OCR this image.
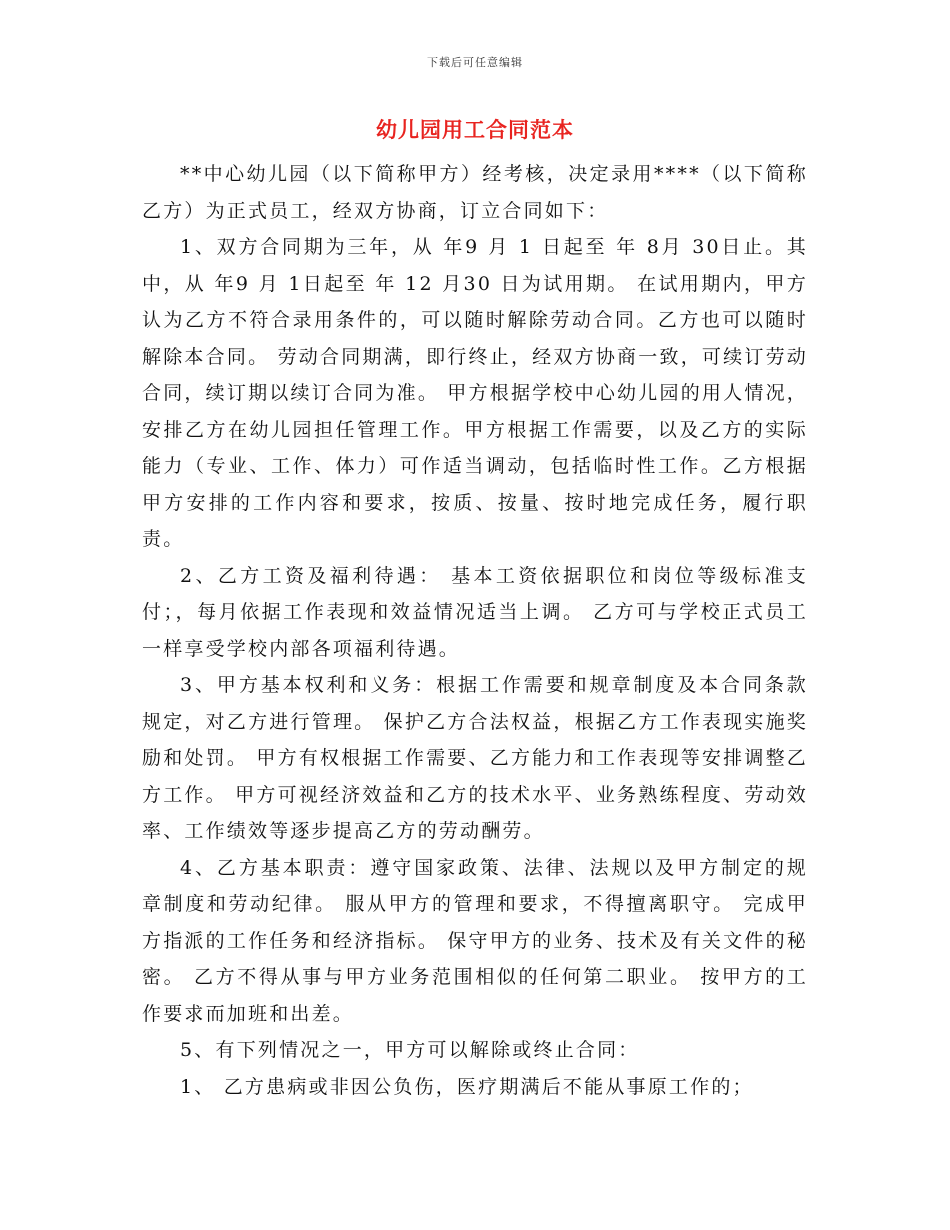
下载后可任意编辑
幼儿园用工合同范本

**中心幼儿园（以下简称甲方）经考核，决定录用****（以下简称乙方）为正式员工，经双方协商，订立合同如下：

1、双方合同期为三年，从 年9 月 1 日起至 年 8月 30日止。其中，从 年9 月 1日起至 年 12 月30 日为试用期。 在试用期内，甲方认为乙方不符合录用条件的，可以随时解除劳动合同。乙方也可以随时解除本合同。 劳动合同期满，即行终止，经双方协商一致，可续订劳动合同，续订期以续订合同为准。 甲方根据学校中心幼儿园的用人情况，安排乙方在幼儿园担任管理工作。甲方根据工作需要，以及乙方的实际能力（专业、工作、体力）可作适当调动，包括临时性工作。乙方根据甲方安排的工作内容和要求，按质、按量、按时地完成任务，履行职责。

2、乙方工资及福利待遇： 基本工资依据职位和岗位等级标准支付；，每月依据工作表现和效益情况适当上调。 乙方可与学校正式员工一样享受学校内部各项福利待遇。

3、甲方基本权利和义务：根据工作需要和规章制度及本合同条款规定，对乙方进行管理。 保护乙方合法权益，根据乙方工作表现实施奖励和处罚。 甲方有权根据工作需要、乙方能力和工作表现等安排调整乙方工作。 甲方可视经济效益和乙方的技术水平、业务熟练程度、劳动效率、工作绩效等逐步提高乙方的劳动酬劳。

4、乙方基本职责：遵守国家政策、法律、法规以及甲方制定的规章制度和劳动纪律。 服从甲方的管理和要求，不得擅离职守。 完成甲方指派的工作任务和经济指标。 保守甲方的业务、技术及有关文件的秘密。 乙方不得从事与甲方业务范围相似的任何第二职业。 按甲方的工作要求而加班和出差。

5、有下列情况之一，甲方可以解除或终止合同：

1、 乙方患病或非因公负伤，医疗期满后不能从事原工作的；
